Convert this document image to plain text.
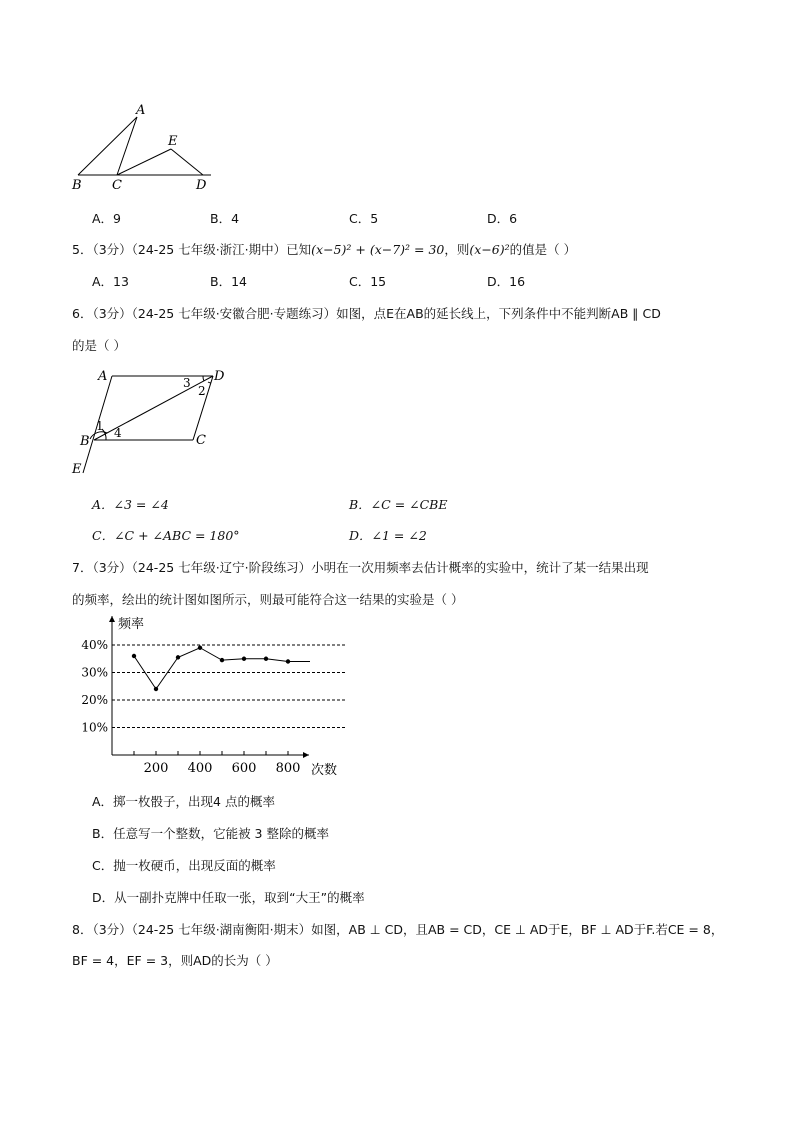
A
E
B C	D
A．9	B．4	C．5	D．6
5．（3分）（24-25 七年级·浙江·期中）已知(x−5)² + (x−7)² = 30，则(x−6)²的值是（ ）
A．13	B．14	C．15	D．16
6．（3分）（24-25 七年级·安徽合肥·专题练习）如图，点E在AB的延长线上，下列条件中不能判断AB ∥ CD
的是（ ）
A	D
B	C
E
1
2
3
4
A．∠3 = ∠4	B．∠C = ∠CBE
C．∠C + ∠ABC = 180°	D．∠1 = ∠2
7．（3分）（24-25 七年级·辽宁·阶段练习）小明在一次用频率去估计概率的实验中，统计了某一结果出现
的频率，绘出的统计图如图所示，则最可能符合这一结果的实验是（ ）
10%
20%
30%
40%
200 400 600 800 次数
频率
A．掷一枚骰子，出现4 点的概率
B．任意写一个整数，它能被 3 整除的概率
C．抛一枚硬币，出现反面的概率
D．从一副扑克牌中任取一张，取到“大王”的概率
8．（3分）（24-25 七年级·湖南衡阳·期末）如图，AB ⊥ CD，且AB = CD，CE ⊥ AD于E，BF ⊥ AD于F.若CE = 8，
BF = 4，EF = 3，则AD的长为（ ）
